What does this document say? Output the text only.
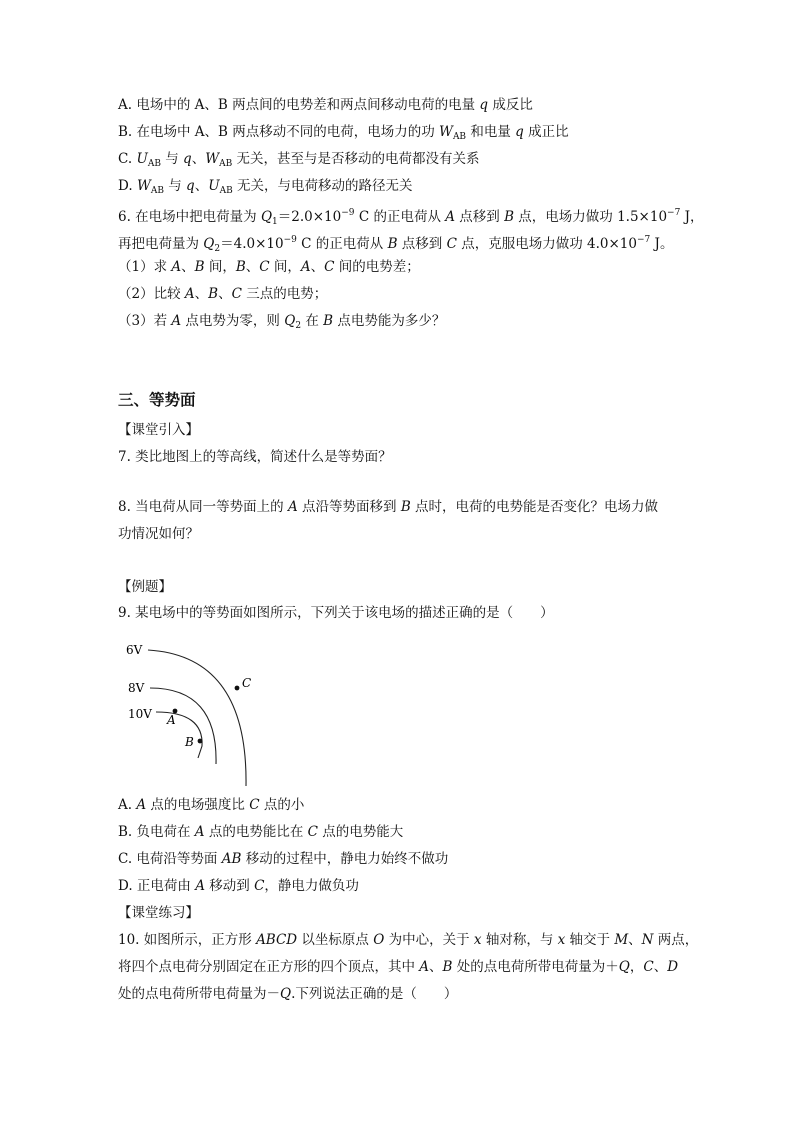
A. 电场中的 A、B 两点间的电势差和两点间移动电荷的电量 q 成反比
B. 在电场中 A、B 两点移动不同的电荷，电场力的功 $W_{AB}$ 和电量 q 成正比
C. $U_{AB}$ 与 q、$W_{AB}$ 无关，甚至与是否移动的电荷都没有关系
D. $W_{AB}$ 与 q、$U_{AB}$ 无关，与电荷移动的路径无关
6. 在电场中把电荷量为 $Q_1=2.0\times 10^{-9}$ C 的正电荷从 A 点移到 B 点，电场力做功 $1.5\times 10^{-7}$ J，
再把电荷量为 $Q_2=4.0\times 10^{-9}$ C 的正电荷从 B 点移到 C 点，克服电场力做功 $4.0\times 10^{-7}$ J。
（1）求 A、B 间，B、C 间，A、C 间的电势差；
（2）比较 A、B、C 三点的电势；
（3）若 A 点电势为零，则 $Q_2$ 在 B 点电势能为多少？
三、等势面
【课堂引入】
7. 类比地图上的等高线，简述什么是等势面？
8. 当电荷从同一等势面上的 A 点沿等势面移到 B 点时，电荷的电势能是否变化？电场力做
功情况如何？
【例题】
9. 某电场中的等势面如图所示，下列关于该电场的描述正确的是（　　）
6V
8V
10V A
B
C
A. A 点的电场强度比 C 点的小
B. 负电荷在 A 点的电势能比在 C 点的电势能大
C. 电荷沿等势面 AB 移动的过程中，静电力始终不做功
D. 正电荷由 A 移动到 C，静电力做负功
【课堂练习】
10. 如图所示，正方形 ABCD 以坐标原点 O 为中心，关于 x 轴对称，与 x 轴交于 M、N 两点，
将四个点电荷分别固定在正方形的四个顶点，其中 A、B 处的点电荷所带电荷量为＋Q，C、D
处的点电荷所带电荷量为－Q.下列说法正确的是（　　）
